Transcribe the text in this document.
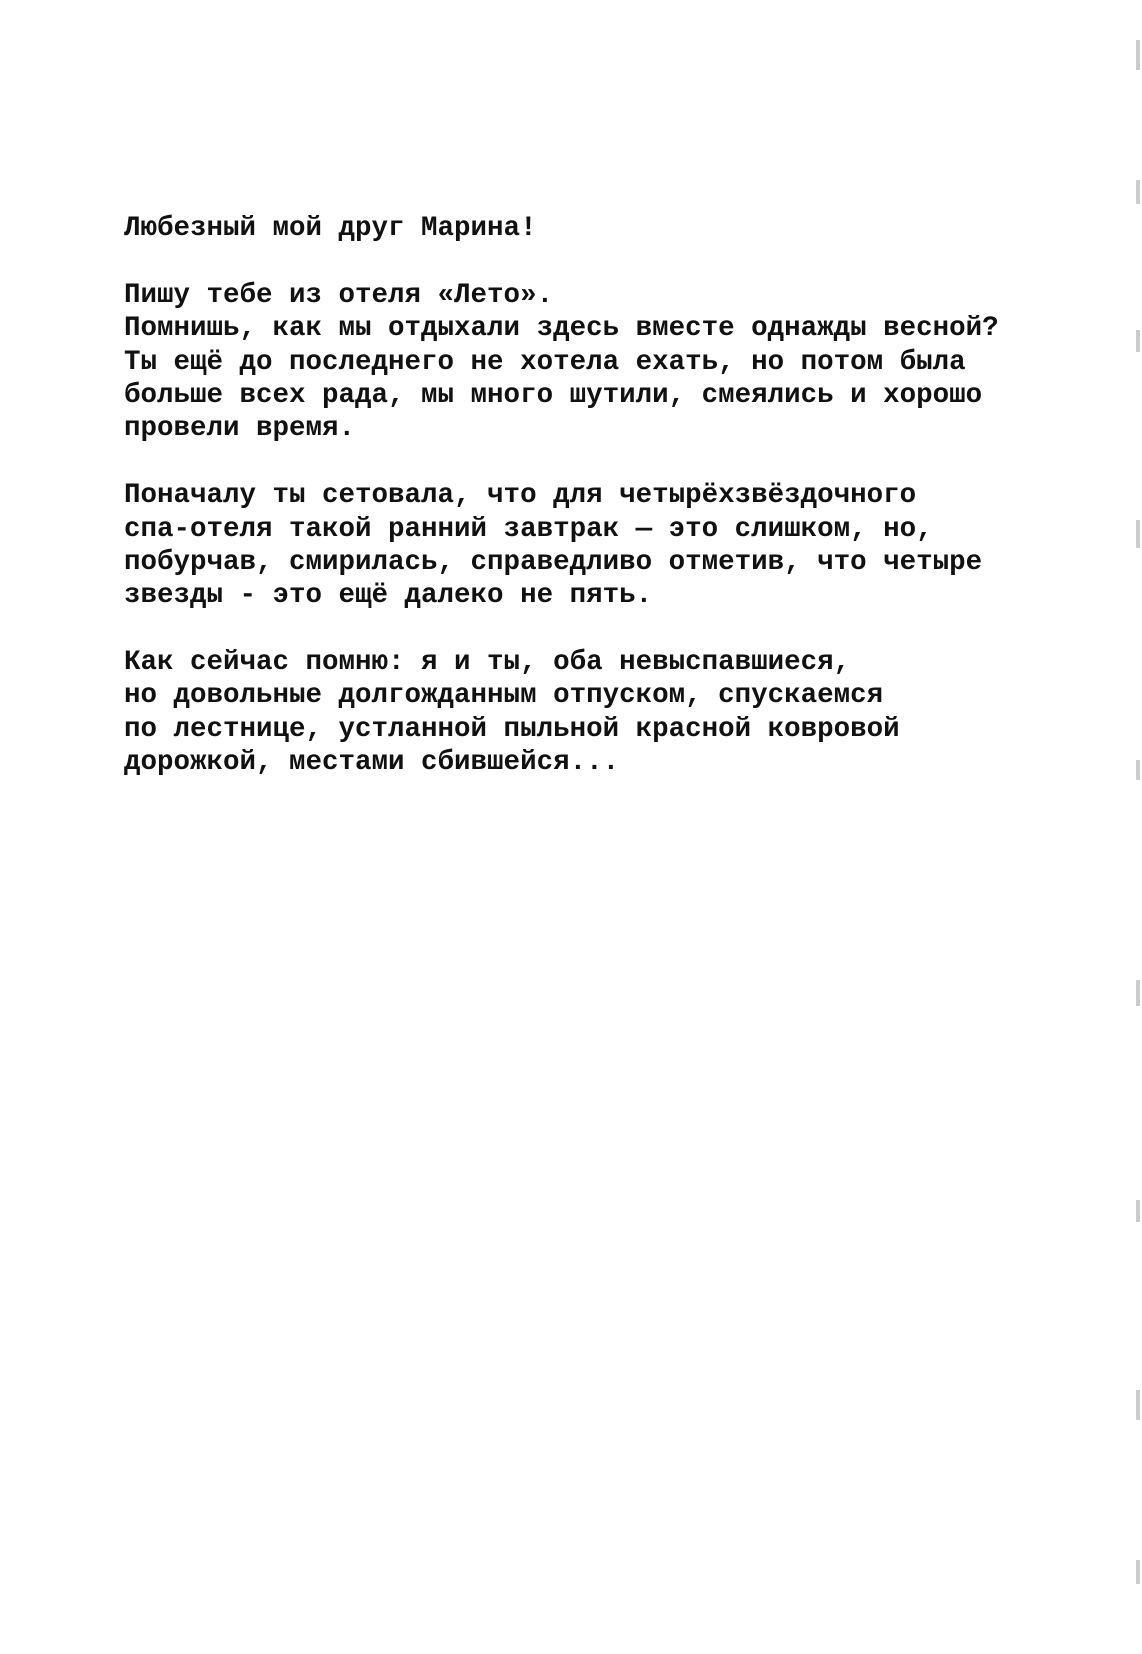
Любезный мой друг Марина!
Пишу тебе из отеля «Лето».
Помнишь, как мы отдыхали здесь вместе однажды весной?
Ты ещё до последнего не хотела ехать, но потом была
больше всех рада, мы много шутили, смеялись и хорошо
провели время.
Поначалу ты сетовала, что для четырёхзвёздочного
спа-отеля такой ранний завтрак — это слишком, но,
побурчав, смирилась, справедливо отметив, что четыре
звезды - это ещё далеко не пять.
Как сейчас помню: я и ты, оба невыспавшиеся,
но довольные долгожданным отпуском, спускаемся
по лестнице, устланной пыльной красной ковровой
дорожкой, местами сбившейся...
